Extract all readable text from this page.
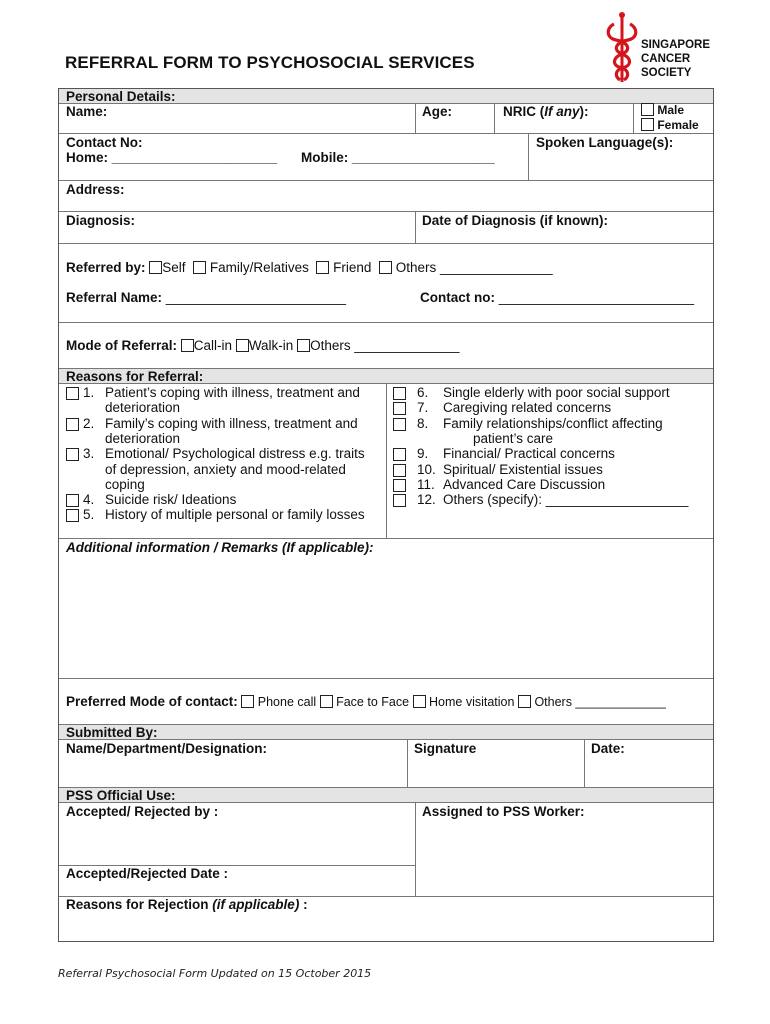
REFERRAL FORM TO PSYCHOSOCIAL SERVICES
SINGAPORE
CANCER
SOCIETY
Personal Details:
Name:	Age:	NRIC (If any):	Male
Female
Contact No:
Home: ______________________ Mobile: ___________________
Spoken Language(s):
Address:
Diagnosis:	Date of Diagnosis (if known):
Referred by: Self Family/Relatives Friend Others _______________
Referral Name: ________________________	Contact no: __________________________
Mode of Referral: Call-in Walk-in Others ______________
Reasons for Referral:
1. Patient’s coping with illness, treatment and
deterioration
2. Family’s coping with illness, treatment and
deterioration
3. Emotional/ Psychological distress e.g. traits
of depression, anxiety and mood-related
coping
4. Suicide risk/ Ideations
5. History of multiple personal or family losses
6. Single elderly with poor social support
7. Caregiving related concerns
8. Family relationships/conflict affecting
patient’s care
9. Financial/ Practical concerns
10. Spiritual/ Existential issues
11. Advanced Care Discussion
12. Others (specify): ___________________
Additional information / Remarks (If applicable):
Preferred Mode of contact: Phone call Face to Face Home visitation Others _____________
Submitted By:
Name/Department/Designation:	Signature	Date:
PSS Official Use:
Accepted/ Rejected by :	Assigned to PSS Worker:
Accepted/Rejected Date :
Reasons for Rejection (if applicable) :
Referral Psychosocial Form Updated on 15 October 2015
